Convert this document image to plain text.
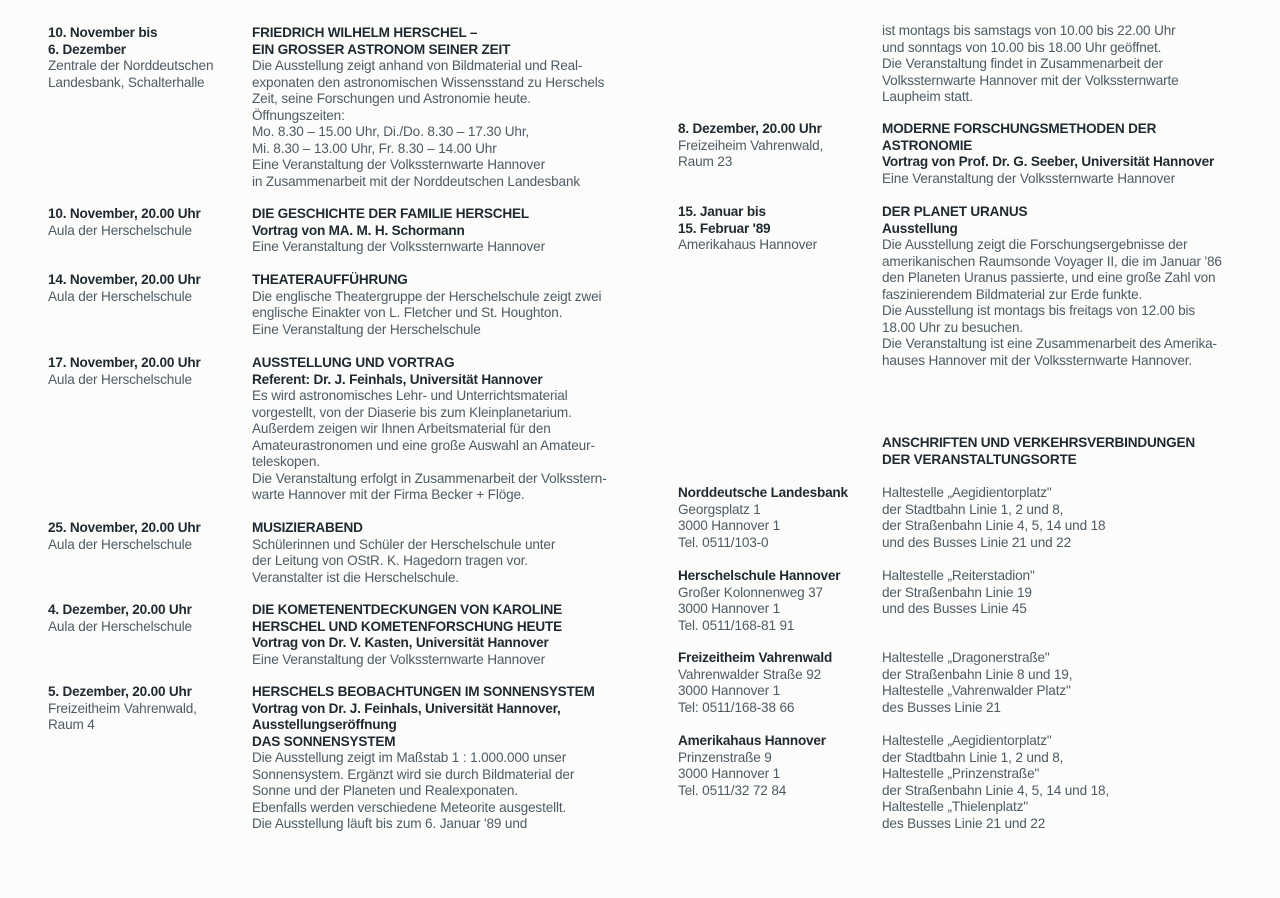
10. November bis
6. Dezember
Zentrale der Norddeutschen
Landesbank, Schalterhalle
FRIEDRICH WILHELM HERSCHEL –
EIN GROSSER ASTRONOM SEINER ZEIT
Die Ausstellung zeigt anhand von Bildmaterial und Real-
exponaten den astronomischen Wissensstand zu Herschels
Zeit, seine Forschungen und Astronomie heute.
Öffnungszeiten:
Mo. 8.30 – 15.00 Uhr, Di./Do. 8.30 – 17.30 Uhr,
Mi. 8.30 – 13.00 Uhr, Fr. 8.30 – 14.00 Uhr
Eine Veranstaltung der Volkssternwarte Hannover
in Zusammenarbeit mit der Norddeutschen Landesbank
10. November, 20.00 Uhr
Aula der Herschelschule
DIE GESCHICHTE DER FAMILIE HERSCHEL
Vortrag von MA. M. H. Schormann
Eine Veranstaltung der Volkssternwarte Hannover
14. November, 20.00 Uhr
Aula der Herschelschule
THEATERAUFFÜHRUNG
Die englische Theatergruppe der Herschelschule zeigt zwei
englische Einakter von L. Fletcher und St. Houghton.
Eine Veranstaltung der Herschelschule
17. November, 20.00 Uhr
Aula der Herschelschule
AUSSTELLUNG UND VORTRAG
Referent: Dr. J. Feinhals, Universität Hannover
Es wird astronomisches Lehr- und Unterrichtsmaterial
vorgestellt, von der Diaserie bis zum Kleinplanetarium.
Außerdem zeigen wir Ihnen Arbeitsmaterial für den
Amateurastronomen und eine große Auswahl an Amateur-
teleskopen.
Die Veranstaltung erfolgt in Zusammenarbeit der Volksstern-
warte Hannover mit der Firma Becker + Flöge.
25. November, 20.00 Uhr
Aula der Herschelschule
MUSIZIERABEND
Schülerinnen und Schüler der Herschelschule unter
der Leitung von OStR. K. Hagedorn tragen vor.
Veranstalter ist die Herschelschule.
4. Dezember, 20.00 Uhr
Aula der Herschelschule
DIE KOMETENENTDECKUNGEN VON KAROLINE
HERSCHEL UND KOMETENFORSCHUNG HEUTE
Vortrag von Dr. V. Kasten, Universität Hannover
Eine Veranstaltung der Volkssternwarte Hannover
5. Dezember, 20.00 Uhr
Freizeitheim Vahrenwald,
Raum 4
HERSCHELS BEOBACHTUNGEN IM SONNENSYSTEM
Vortrag von Dr. J. Feinhals, Universität Hannover,
Ausstellungseröffnung
DAS SONNENSYSTEM
Die Ausstellung zeigt im Maßstab 1 : 1.000.000 unser
Sonnensystem. Ergänzt wird sie durch Bildmaterial der
Sonne und der Planeten und Realexponaten.
Ebenfalls werden verschiedene Meteorite ausgestellt.
Die Ausstellung läuft bis zum 6. Januar '89 und
ist montags bis samstags von 10.00 bis 22.00 Uhr
und sonntags von 10.00 bis 18.00 Uhr geöffnet.
Die Veranstaltung findet in Zusammenarbeit der
Volkssternwarte Hannover mit der Volkssternwarte
Laupheim statt.
8. Dezember, 20.00 Uhr
Freizeiheim Vahrenwald,
Raum 23
MODERNE FORSCHUNGSMETHODEN DER
ASTRONOMIE
Vortrag von Prof. Dr. G. Seeber, Universität Hannover
Eine Veranstaltung der Volkssternwarte Hannover
15. Januar bis
15. Februar '89
Amerikahaus Hannover
DER PLANET URANUS
Ausstellung
Die Ausstellung zeigt die Forschungsergebnisse der
amerikanischen Raumsonde Voyager II, die im Januar '86
den Planeten Uranus passierte, und eine große Zahl von
faszinierendem Bildmaterial zur Erde funkte.
Die Ausstellung ist montags bis freitags von 12.00 bis
18.00 Uhr zu besuchen.
Die Veranstaltung ist eine Zusammenarbeit des Amerika-
hauses Hannover mit der Volkssternwarte Hannover.
ANSCHRIFTEN UND VERKEHRSVERBINDUNGEN
DER VERANSTALTUNGSORTE
Norddeutsche Landesbank
Georgsplatz 1
3000 Hannover 1
Tel. 0511/103-0
Haltestelle „Aegidientorplatz"
der Stadtbahn Linie 1, 2 und 8,
der Straßenbahn Linie 4, 5, 14 und 18
und des Busses Linie 21 und 22
Herschelschule Hannover
Großer Kolonnenweg 37
3000 Hannover 1
Tel. 0511/168-81 91
Haltestelle „Reiterstadion"
der Straßenbahn Linie 19
und des Busses Linie 45
Freizeitheim Vahrenwald
Vahrenwalder Straße 92
3000 Hannover 1
Tel: 0511/168-38 66
Haltestelle „Dragonerstraße"
der Straßenbahn Linie 8 und 19,
Haltestelle „Vahrenwalder Platz"
des Busses Linie 21
Amerikahaus Hannover
Prinzenstraße 9
3000 Hannover 1
Tel. 0511/32 72 84
Haltestelle „Aegidientorplatz"
der Stadtbahn Linie 1, 2 und 8,
Haltestelle „Prinzenstraße"
der Straßenbahn Linie 4, 5, 14 und 18,
Haltestelle „Thielenplatz"
des Busses Linie 21 und 22
